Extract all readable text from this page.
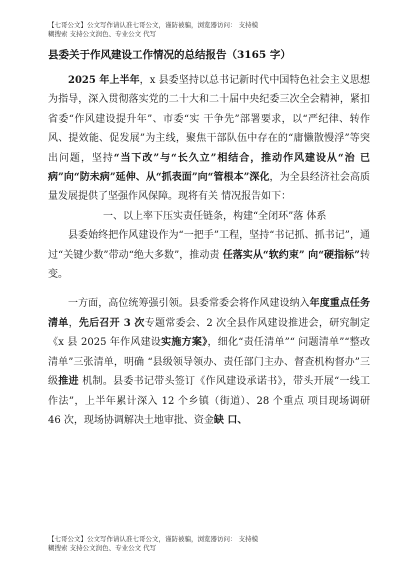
【七哥公文】公文写作请认准七哥公文，谨防被骗，浏览器访问： 支持模
糊搜索 支持公文润色、专业公文 代写
县委关于作风建设工作情况的总结报告（3165 字）

2025 年上半年，x 县委坚持以总书记新时代中国特色社会主义思想为指导，深入贯彻落实党的二十大和二十届中央纪委三次全会精神，紧扣省委“作风建设提升年”、市委“实 干争先”部署要求，以“严纪律、转作风、提效能、促发展”为主线，聚焦干部队伍中存在的“庸懒散慢浮”等突出问题，坚持“当下改”与“长久立”相结合，推动作风建设从“治 已病”向“防未病”延伸、从“抓表面”向“管根本”深化，为全县经济社会高质量发展提供了坚强作风保障。现将有关 情况报告如下：

一、以上率下压实责任链条，构建“全闭环”落 体系

县委始终把作风建设作为“一把手”工程，坚持“书记抓、抓书记”，通过“关键少数”带动“绝大多数”，推动责 任落实从“软约束” 向“硬指标”转变。

一方面，高位统筹强引领。县委常委会将作风建设纳入年度重点任务清单，先后召开 3 次专题常委会、2 次全县作风建设推进会，研究制定《x 县 2025 年作风建设实施方案》，细化“责任清单”“ 问题清单”“整改清单”三张清单，明确 “县级领导领办、责任部门主办、督查机构督办”三级推进 机制。县委书记带头签订《作风建设承诺书》，带头开展“一线工作法”，上半年累计深入 12 个乡镇（街道）、28 个重点 项目现场调研 46 次，现场协调解决土地审批、资金缺 口、

【七哥公文】公文写作请认准七哥公文，谨防被骗，浏览器访问： 支持模
糊搜索 支持公文润色、专业公文 代写
